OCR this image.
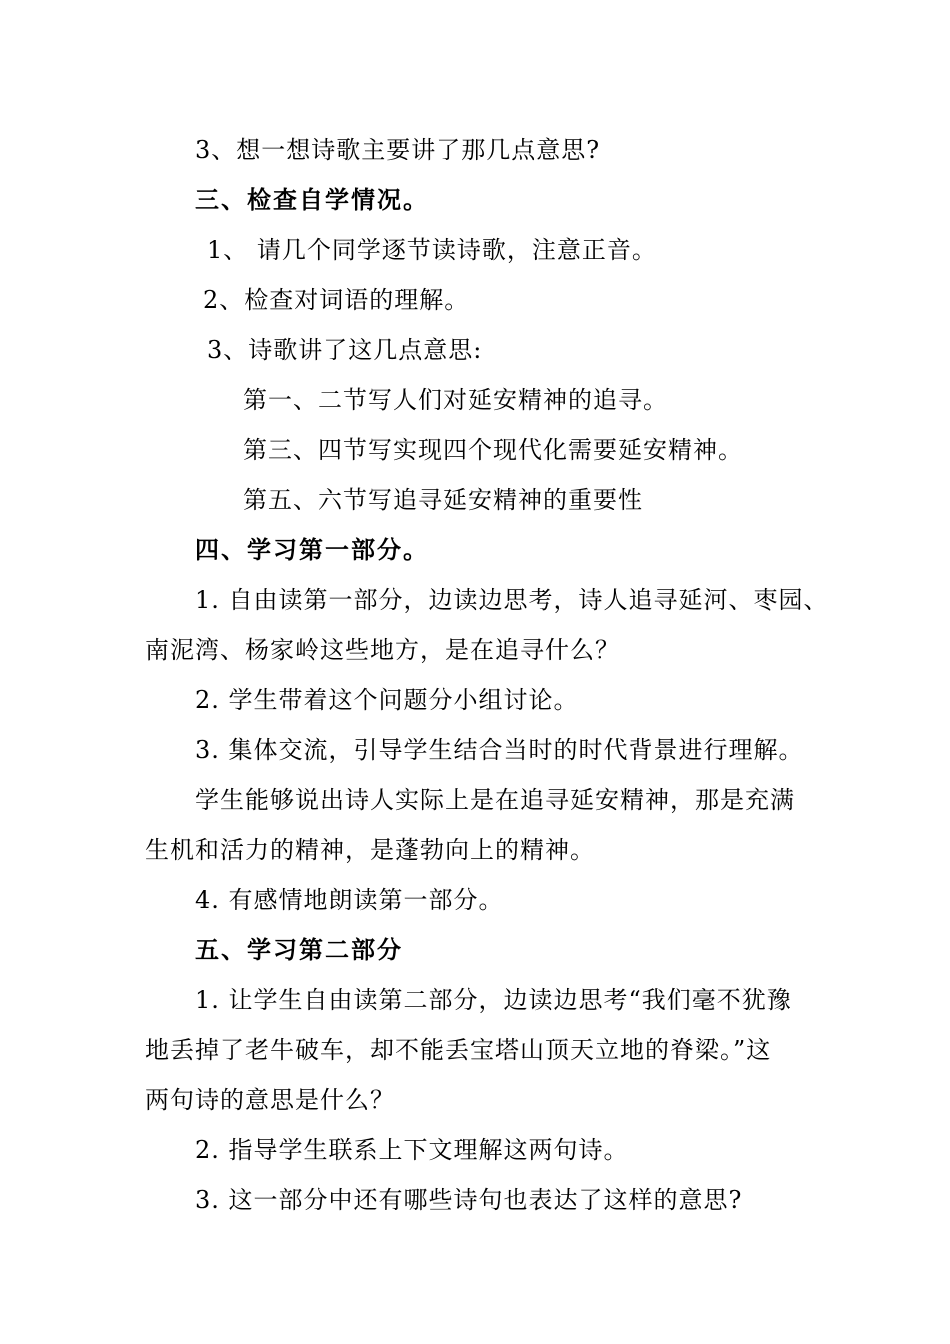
3、想一想诗歌主要讲了那几点意思?
三、检查自学情况。
1、 请几个同学逐节读诗歌，注意正音。
2、检查对词语的理解。
3、诗歌讲了这几点意思:
第一、二节写人们对延安精神的追寻。
第三、四节写实现四个现代化需要延安精神。
第五、六节写追寻延安精神的重要性
四、学习第一部分。
1. 自由读第一部分，边读边思考，诗人追寻延河、枣园、
南泥湾、杨家岭这些地方，是在追寻什么？
2. 学生带着这个问题分小组讨论。
3. 集体交流，引导学生结合当时的时代背景进行理解。
学生能够说出诗人实际上是在追寻延安精神，那是充满
生机和活力的精神，是蓬勃向上的精神。
4. 有感情地朗读第一部分。
五、学习第二部分
1. 让学生自由读第二部分，边读边思考“我们毫不犹豫
地丢掉了老牛破车，却不能丢宝塔山顶天立地的脊梁。”这
两句诗的意思是什么？
2. 指导学生联系上下文理解这两句诗。
3. 这一部分中还有哪些诗句也表达了这样的意思?
